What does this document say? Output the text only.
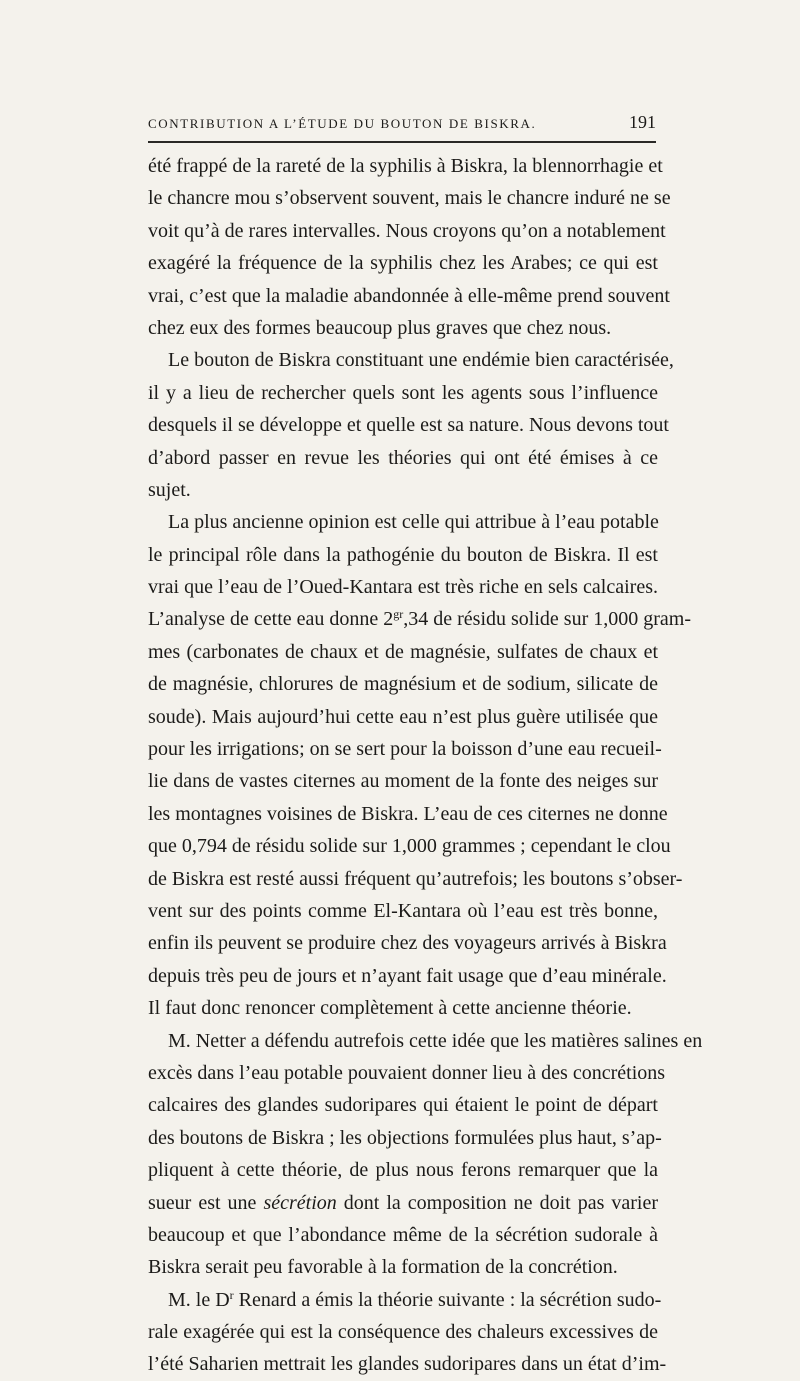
CONTRIBUTION A L’ÉTUDE DU BOUTON DE BISKRA.	191
été frappé de la rareté de la syphilis à Biskra, la blennorrhagie et
le chancre mou s’observent souvent, mais le chancre induré ne se
voit qu’à de rares intervalles. Nous croyons qu’on a notablement
exagéré la fréquence de la syphilis chez les Arabes; ce qui est
vrai, c’est que la maladie abandonnée à elle-même prend souvent
chez eux des formes beaucoup plus graves que chez nous.
Le bouton de Biskra constituant une endémie bien caractérisée,
il y a lieu de rechercher quels sont les agents sous l’influence
desquels il se développe et quelle est sa nature. Nous devons tout
d’abord passer en revue les théories qui ont été émises à ce
sujet.
La plus ancienne opinion est celle qui attribue à l’eau potable
le principal rôle dans la pathogénie du bouton de Biskra. Il est
vrai que l’eau de l’Oued-Kantara est très riche en sels calcaires.
L’analyse de cette eau donne $2^{gr},34$ de résidu solide sur 1,000 gram-
mes (carbonates de chaux et de magnésie, sulfates de chaux et
de magnésie, chlorures de magnésium et de sodium, silicate de
soude). Mais aujourd’hui cette eau n’est plus guère utilisée que
pour les irrigations; on se sert pour la boisson d’une eau recueil-
lie dans de vastes citernes au moment de la fonte des neiges sur
les montagnes voisines de Biskra. L’eau de ces citernes ne donne
que 0,794 de résidu solide sur 1,000 grammes ; cependant le clou
de Biskra est resté aussi fréquent qu’autrefois; les boutons s’obser-
vent sur des points comme El-Kantara où l’eau est très bonne,
enfin ils peuvent se produire chez des voyageurs arrivés à Biskra
depuis très peu de jours et n’ayant fait usage que d’eau minérale.
Il faut donc renoncer complètement à cette ancienne théorie.
M. Netter a défendu autrefois cette idée que les matières salines en
excès dans l’eau potable pouvaient donner lieu à des concrétions
calcaires des glandes sudoripares qui étaient le point de départ
des boutons de Biskra ; les objections formulées plus haut, s’ap-
pliquent à cette théorie, de plus nous ferons remarquer que la
sueur est une sécrétion dont la composition ne doit pas varier
beaucoup et que l’abondance même de la sécrétion sudorale à
Biskra serait peu favorable à la formation de la concrétion.
M. le $D^r$ Renard a émis la théorie suivante : la sécrétion sudo-
rale exagérée qui est la conséquence des chaleurs excessives de
l’été Saharien mettrait les glandes sudoripares dans un état d’im-
